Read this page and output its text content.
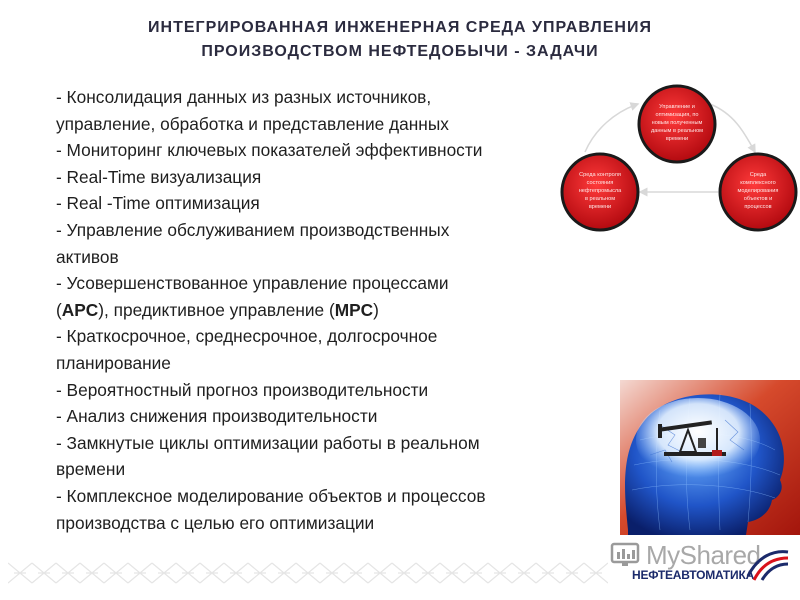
ИНТЕГРИРОВАННАЯ ИНЖЕНЕРНАЯ СРЕДА УПРАВЛЕНИЯ
ПРОИЗВОДСТВОМ НЕФТЕДОБЫЧИ - ЗАДАЧИ
- Консолидация данных из разных источников,
управление, обработка и представление данных
- Мониторинг ключевых показателей эффективности
- Real-Time визуализация
- Real -Time оптимизация
- Управление обслуживанием производственных
активов
- Усовершенствованное управление процессами
(APC), предиктивное управление (MPC)
- Краткосрочное, среднесрочное, долгосрочное
планирование
- Вероятностный прогноз производительности
- Анализ снижения производительности
- Замкнутые циклы оптимизации работы в реальном
времени
- Комплексное моделирование объектов и процессов
производства с целью его оптимизации
Управление и
оптимизация, по
новым полученным
данным в реальном
времени
Среда контроля
состояния
нефтепромысла
в реальном
времени
Среда
комплексного
моделирования
объектов и
процессов
MyShared
НЕФТЕАВТОМАТИКА
